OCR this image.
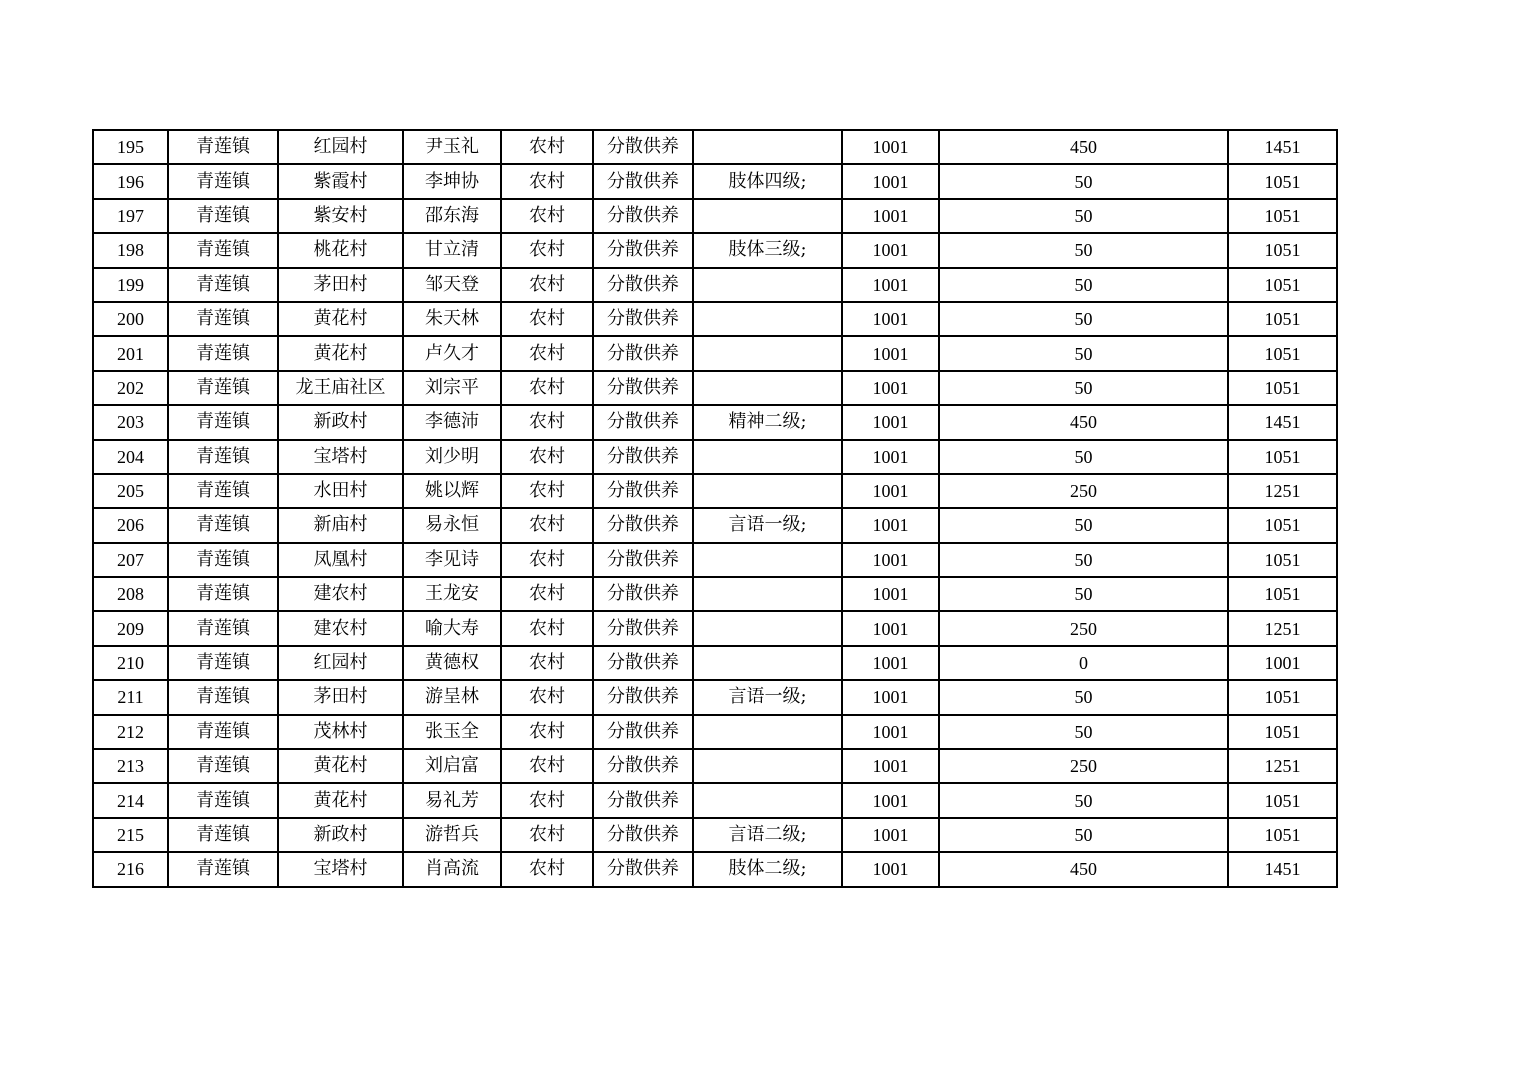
195	青莲镇	红园村	尹玉礼	农村	分散供养		1001	450	1451
196	青莲镇	紫霞村	李坤协	农村	分散供养	肢体四级;	1001	50	1051
197	青莲镇	紫安村	邵东海	农村	分散供养		1001	50	1051
198	青莲镇	桃花村	甘立清	农村	分散供养	肢体三级;	1001	50	1051
199	青莲镇	茅田村	邹天登	农村	分散供养		1001	50	1051
200	青莲镇	黄花村	朱天林	农村	分散供养		1001	50	1051
201	青莲镇	黄花村	卢久才	农村	分散供养		1001	50	1051
202	青莲镇	龙王庙社区	刘宗平	农村	分散供养		1001	50	1051
203	青莲镇	新政村	李德沛	农村	分散供养	精神二级;	1001	450	1451
204	青莲镇	宝塔村	刘少明	农村	分散供养		1001	50	1051
205	青莲镇	水田村	姚以辉	农村	分散供养		1001	250	1251
206	青莲镇	新庙村	易永恒	农村	分散供养	言语一级;	1001	50	1051
207	青莲镇	凤凰村	李见诗	农村	分散供养		1001	50	1051
208	青莲镇	建农村	王龙安	农村	分散供养		1001	50	1051
209	青莲镇	建农村	喻大寿	农村	分散供养		1001	250	1251
210	青莲镇	红园村	黄德权	农村	分散供养		1001	0	1001
211	青莲镇	茅田村	游呈林	农村	分散供养	言语一级;	1001	50	1051
212	青莲镇	茂林村	张玉全	农村	分散供养		1001	50	1051
213	青莲镇	黄花村	刘启富	农村	分散供养		1001	250	1251
214	青莲镇	黄花村	易礼芳	农村	分散供养		1001	50	1051
215	青莲镇	新政村	游哲兵	农村	分散供养	言语二级;	1001	50	1051
216	青莲镇	宝塔村	肖高流	农村	分散供养	肢体二级;	1001	450	1451
